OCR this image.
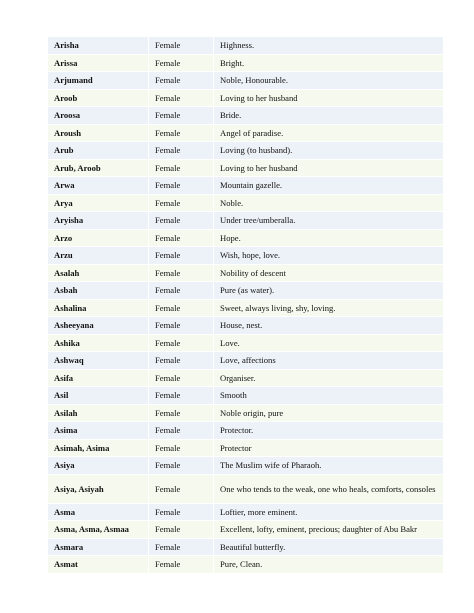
Arisha	Female	Highness.
Arissa	Female	Bright.
Arjumand	Female	Noble, Honourable.
Aroob	Female	Loving to her husband
Aroosa	Female	Bride.
Aroush	Female	Angel of paradise.
Arub	Female	Loving (to husband).
Arub, Aroob	Female	Loving to her husband
Arwa	Female	Mountain gazelle.
Arya	Female	Noble.
Aryisha	Female	Under tree/umberalla.
Arzo	Female	Hope.
Arzu	Female	Wish, hope, love.
Asalah	Female	Nobility of descent
Asbah	Female	Pure (as water).
Ashalina	Female	Sweet, always living, shy, loving.
Asheeyana	Female	House, nest.
Ashika	Female	Love.
Ashwaq	Female	Love, affections
Asifa	Female	Organiser.
Asil	Female	Smooth
Asilah	Female	Noble origin, pure
Asima	Female	Protector.
Asimah, Asima	Female	Protector
Asiya	Female	The Muslim wife of Pharaoh.
Asiya, Asiyah	Female	One who tends to the weak, one who heals, comforts, consoles
Asma	Female	Loftier, more eminent.
Asma, Asma, Asmaa	Female	Excellent, lofty, eminent, precious; daughter of Abu Bakr
Asmara	Female	Beautiful butterfly.
Asmat	Female	Pure, Clean.
